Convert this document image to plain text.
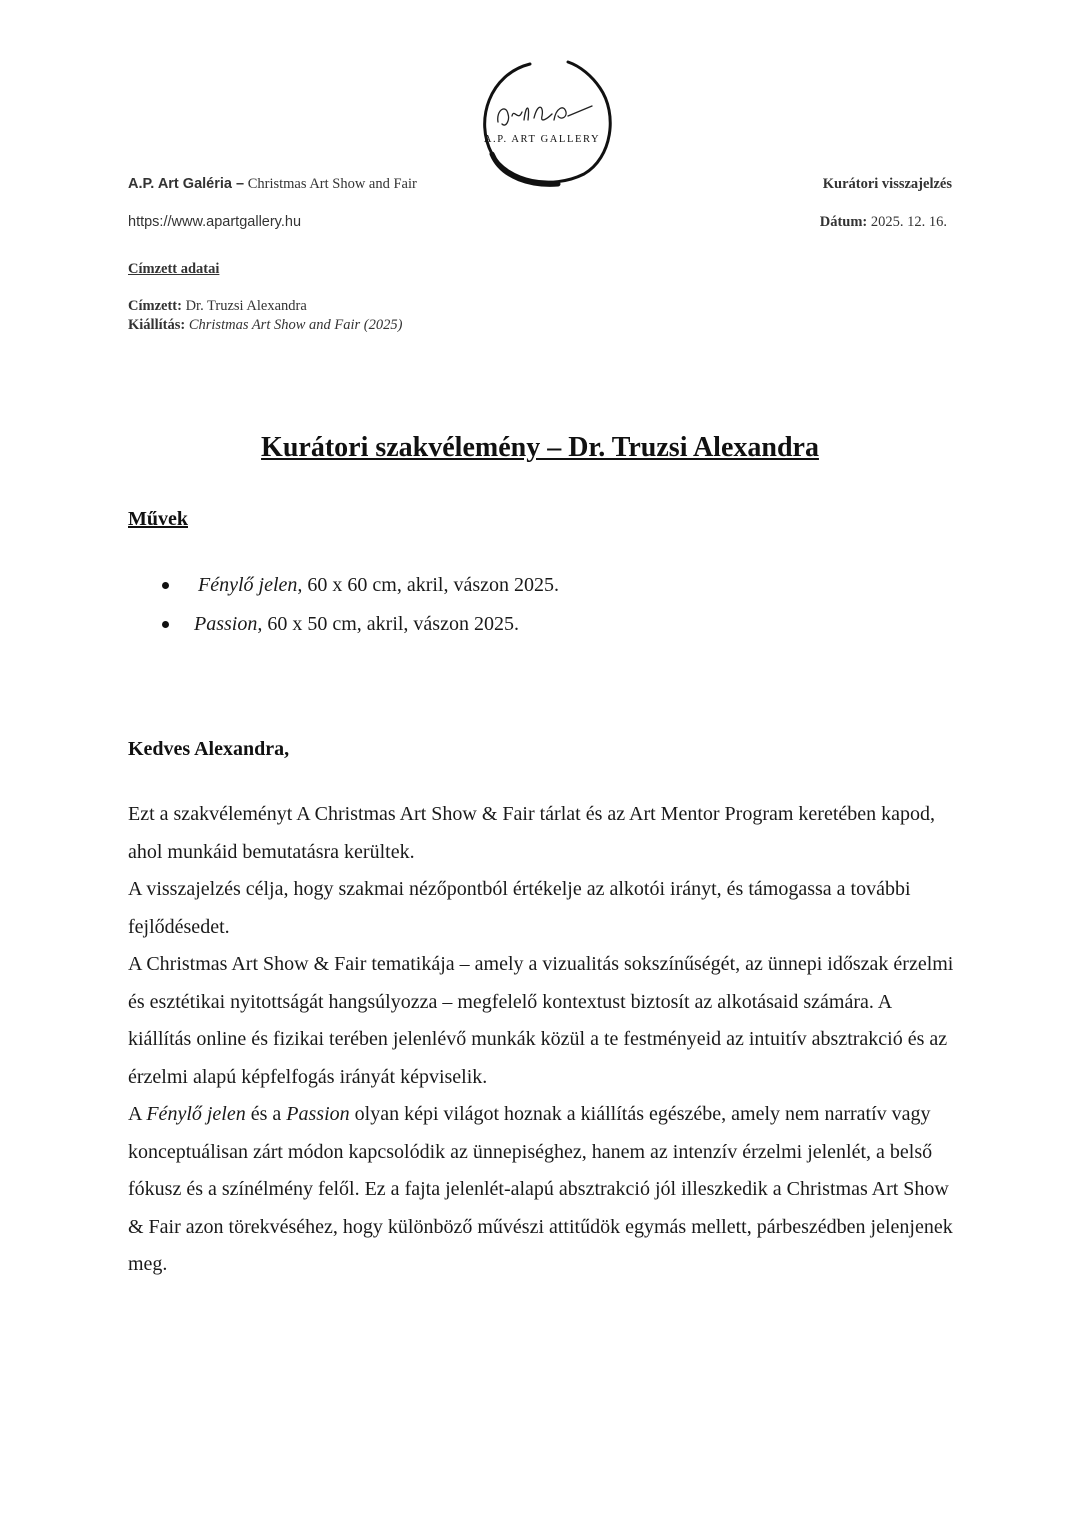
A.P. ART GALLERY
A.P. Art Galéria – Christmas Art Show and Fair
https://www.apartgallery.hu
Kurátori visszajelzés
Dátum: 2025. 12. 16.
Címzett adatai
Címzett: Dr. Truzsi Alexandra
Kiállítás: Christmas Art Show and Fair (2025)
Kurátori szakvélemény – Dr. Truzsi Alexandra
Művek
Fénylő jelen, 60 x 60 cm, akril, vászon 2025.
Passion, 60 x 50 cm, akril, vászon 2025.
Kedves Alexandra,

Ezt a szakvéleményt A Christmas Art Show & Fair tárlat és az Art Mentor Program keretében kapod, ahol munkáid bemutatásra kerültek.

A visszajelzés célja, hogy szakmai nézőpontból értékelje az alkotói irányt, és támogassa a további fejlődésedet.

A Christmas Art Show & Fair tematikája – amely a vizualitás sokszínűségét, az ünnepi időszak érzelmi és esztétikai nyitottságát hangsúlyozza – megfelelő kontextust biztosít az alkotásaid számára. A kiállítás online és fizikai terében jelenlévő munkák közül a te festményeid az intuitív absztrakció és az érzelmi alapú képfelfogás irányát képviselik.

A Fénylő jelen és a Passion olyan képi világot hoznak a kiállítás egészébe, amely nem narratív vagy konceptuálisan zárt módon kapcsolódik az ünnepiséghez, hanem az intenzív érzelmi jelenlét, a belső fókusz és a színélmény felől. Ez a fajta jelenlét-alapú absztrakció jól illeszkedik a Christmas Art Show & Fair azon törekvéséhez, hogy különböző művészi attitűdök egymás mellett, párbeszédben jelenjenek meg.
